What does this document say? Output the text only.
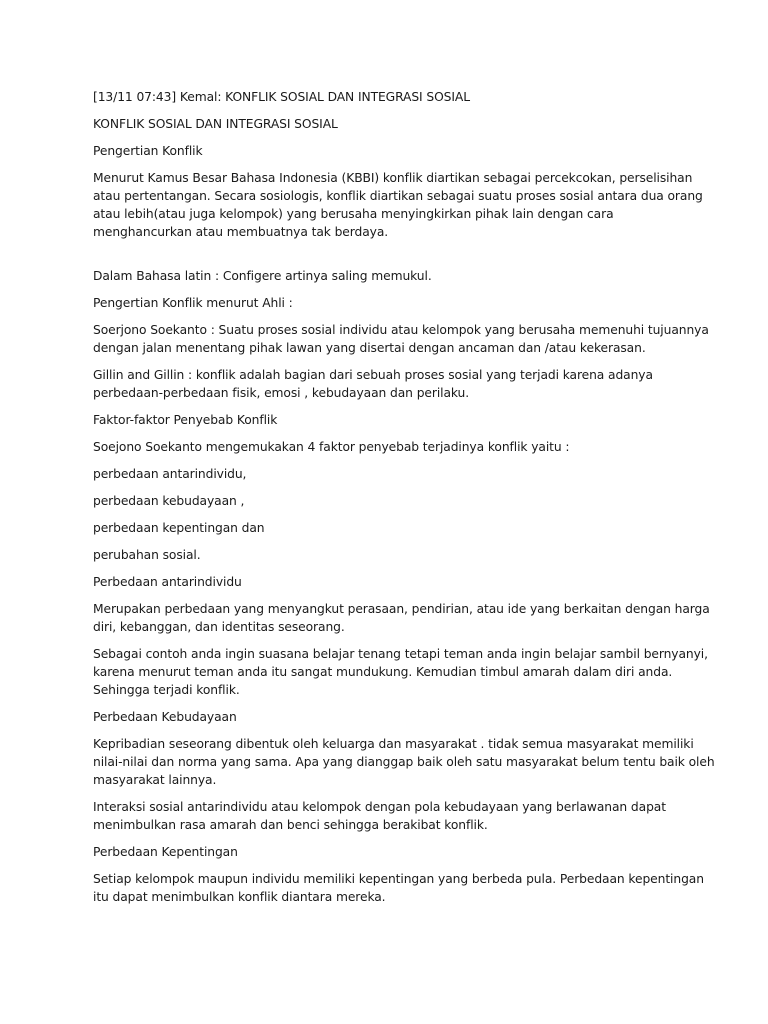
[13/11 07:43] Kemal: KONFLIK SOSIAL DAN INTEGRASI SOSIAL

KONFLIK SOSIAL DAN INTEGRASI SOSIAL

Pengertian Konflik

Menurut Kamus Besar Bahasa Indonesia (KBBI) konflik diartikan sebagai percekcokan, perselisihan
atau pertentangan. Secara sosiologis, konflik diartikan sebagai suatu proses sosial antara dua orang
atau lebih(atau juga kelompok) yang berusaha menyingkirkan pihak lain dengan cara
menghancurkan atau membuatnya tak berdaya.

Dalam Bahasa latin : Configere artinya saling memukul.

Pengertian Konflik menurut Ahli :

Soerjono Soekanto : Suatu proses sosial individu atau kelompok yang berusaha memenuhi tujuannya
dengan jalan menentang pihak lawan yang disertai dengan ancaman dan /atau kekerasan.

Gillin and Gillin : konflik adalah bagian dari sebuah proses sosial yang terjadi karena adanya
perbedaan-perbedaan fisik, emosi , kebudayaan dan perilaku.

Faktor-faktor Penyebab Konflik

Soejono Soekanto mengemukakan 4 faktor penyebab terjadinya konflik yaitu :

perbedaan antarindividu,

perbedaan kebudayaan ,

perbedaan kepentingan dan

perubahan sosial.

Perbedaan antarindividu

Merupakan perbedaan yang menyangkut perasaan, pendirian, atau ide yang berkaitan dengan harga
diri, kebanggan, dan identitas seseorang.

Sebagai contoh anda ingin suasana belajar tenang tetapi teman anda ingin belajar sambil bernyanyi,
karena menurut teman anda itu sangat mundukung. Kemudian timbul amarah dalam diri anda.
Sehingga terjadi konflik.

Perbedaan Kebudayaan

Kepribadian seseorang dibentuk oleh keluarga dan masyarakat . tidak semua masyarakat memiliki
nilai-nilai dan norma yang sama. Apa yang dianggap baik oleh satu masyarakat belum tentu baik oleh
masyarakat lainnya.

Interaksi sosial antarindividu atau kelompok dengan pola kebudayaan yang berlawanan dapat
menimbulkan rasa amarah dan benci sehingga berakibat konflik.

Perbedaan Kepentingan

Setiap kelompok maupun individu memiliki kepentingan yang berbeda pula. Perbedaan kepentingan
itu dapat menimbulkan konflik diantara mereka.
